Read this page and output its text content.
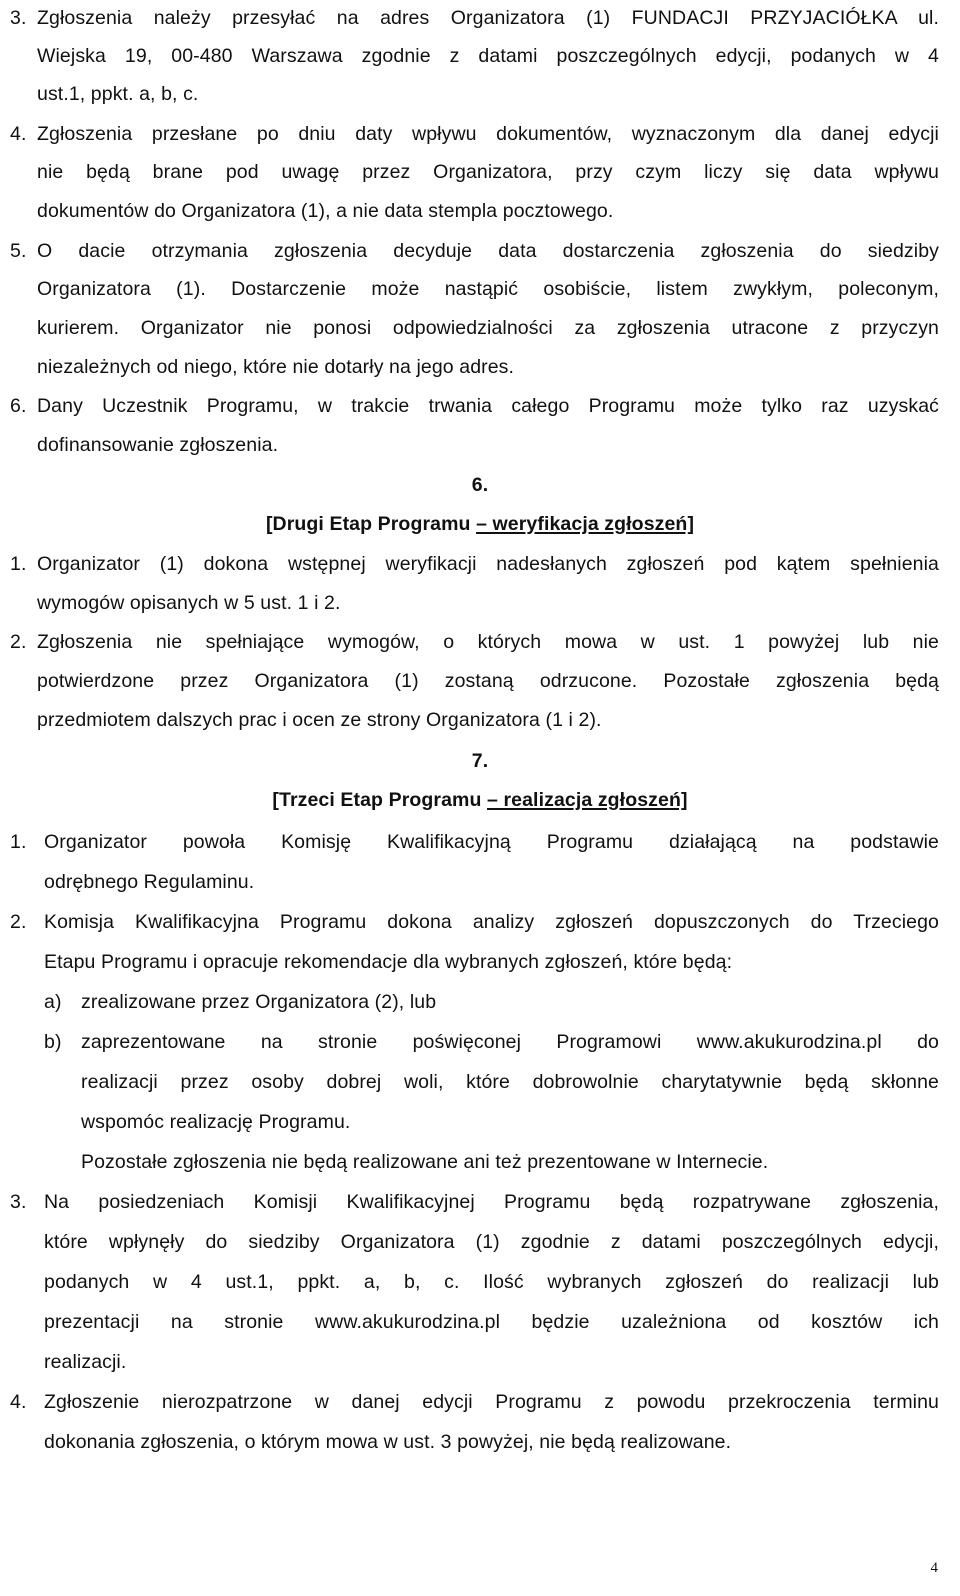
3. Zgłoszenia należy przesyłać na adres Organizatora (1) FUNDACJI PRZYJACIÓŁKA ul.
Wiejska 19, 00-480 Warszawa zgodnie z datami poszczególnych edycji, podanych w 4
ust.1, ppkt. a, b, c.
4. Zgłoszenia przesłane po dniu daty wpływu dokumentów, wyznaczonym dla danej edycji
nie będą brane pod uwagę przez Organizatora, przy czym liczy się data wpływu
dokumentów do Organizatora (1), a nie data stempla pocztowego.
5. O dacie otrzymania zgłoszenia decyduje data dostarczenia zgłoszenia do siedziby
Organizatora (1). Dostarczenie może nastąpić osobiście, listem zwykłym, poleconym,
kurierem. Organizator nie ponosi odpowiedzialności za zgłoszenia utracone z przyczyn
niezależnych od niego, które nie dotarły na jego adres.
6. Dany Uczestnik Programu, w trakcie trwania całego Programu może tylko raz uzyskać
dofinansowanie zgłoszenia.
6.
[Drugi Etap Programu – weryfikacja zgłoszeń]
1. Organizator (1) dokona wstępnej weryfikacji nadesłanych zgłoszeń pod kątem spełnienia
wymogów opisanych w 5 ust. 1 i 2.
2. Zgłoszenia nie spełniające wymogów, o których mowa w ust. 1 powyżej lub nie
potwierdzone przez Organizatora (1) zostaną odrzucone. Pozostałe zgłoszenia będą
przedmiotem dalszych prac i ocen ze strony Organizatora (1 i 2).
7.
[Trzeci Etap Programu – realizacja zgłoszeń]
1. Organizator powoła Komisję Kwalifikacyjną Programu działającą na podstawie
odrębnego Regulaminu.
2. Komisja Kwalifikacyjna Programu dokona analizy zgłoszeń dopuszczonych do Trzeciego
Etapu Programu i opracuje rekomendacje dla wybranych zgłoszeń, które będą:
a) zrealizowane przez Organizatora (2), lub
b) zaprezentowane na stronie poświęconej Programowi www.akukurodzina.pl do
realizacji przez osoby dobrej woli, które dobrowolnie charytatywnie będą skłonne
wspomóc realizację Programu.
Pozostałe zgłoszenia nie będą realizowane ani też prezentowane w Internecie.
3. Na posiedzeniach Komisji Kwalifikacyjnej Programu będą rozpatrywane zgłoszenia,
które wpłynęły do siedziby Organizatora (1) zgodnie z datami poszczególnych edycji,
podanych w 4 ust.1, ppkt. a, b, c. Ilość wybranych zgłoszeń do realizacji lub
prezentacji na stronie www.akukurodzina.pl będzie uzależniona od kosztów ich
realizacji.
4. Zgłoszenie nierozpatrzone w danej edycji Programu z powodu przekroczenia terminu
dokonania zgłoszenia, o którym mowa w ust. 3 powyżej, nie będą realizowane.
4
